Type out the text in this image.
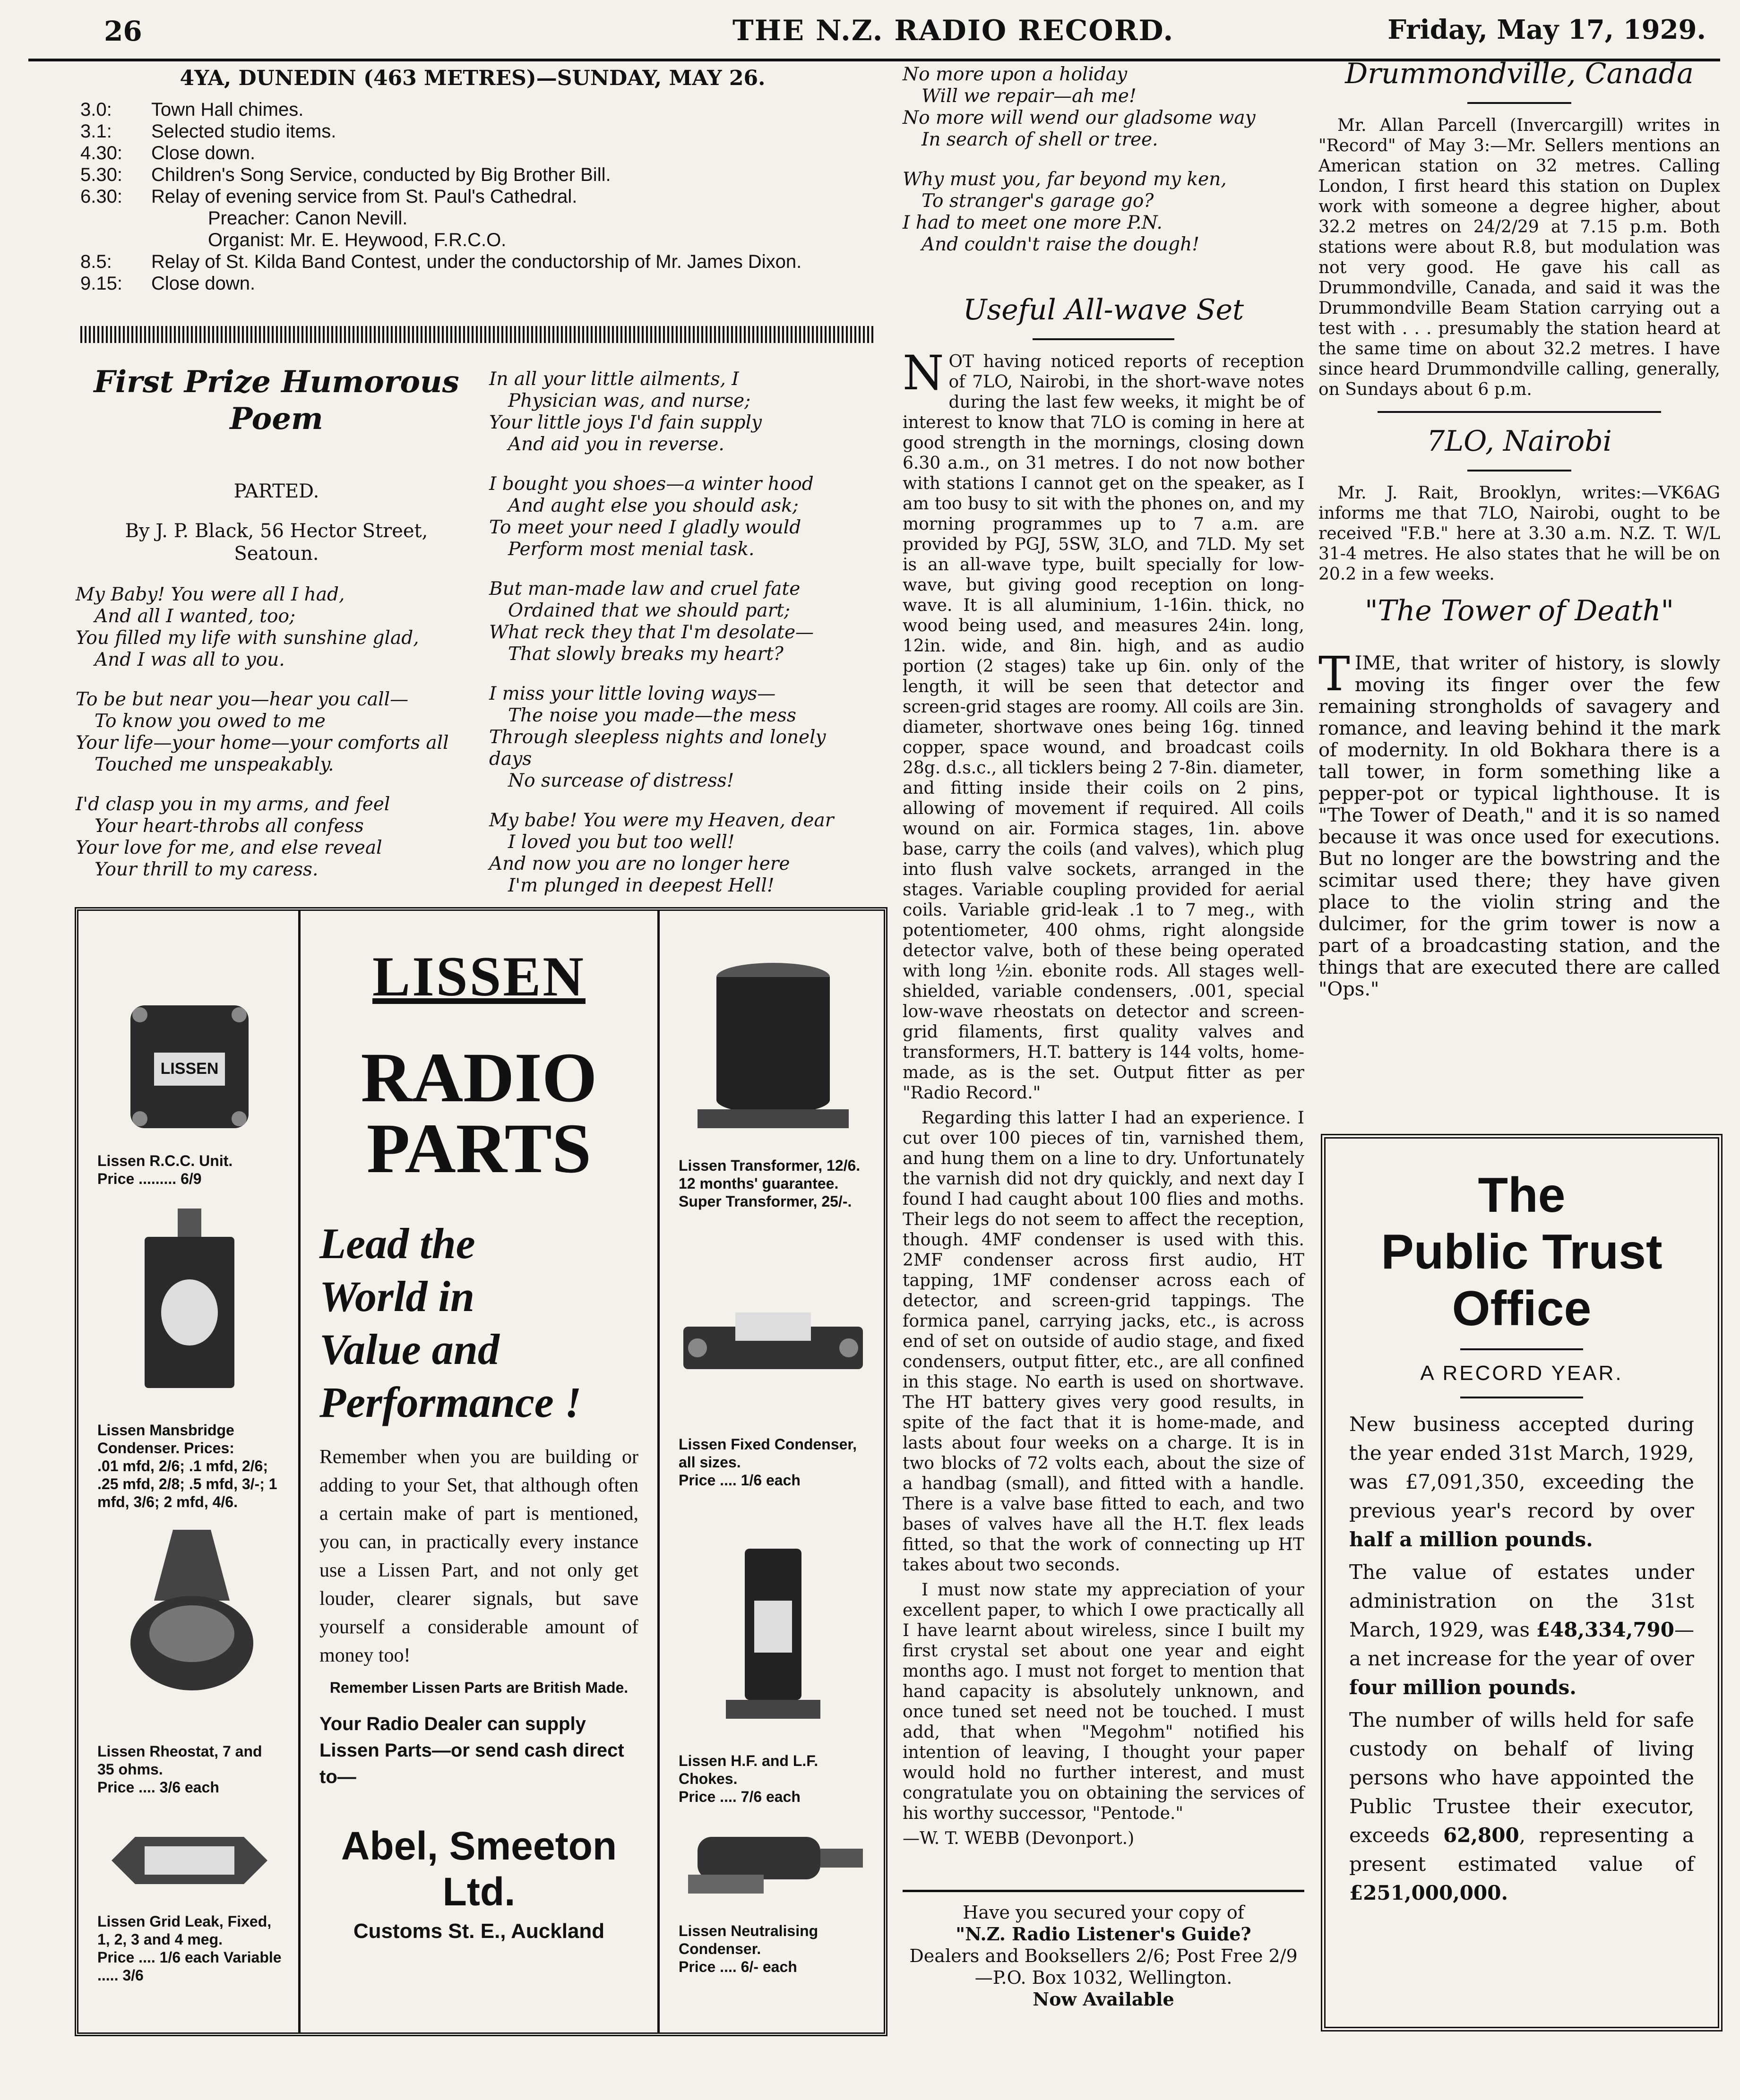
26	THE N.Z. RADIO RECORD.	Friday, May 17, 1929.
4YA, DUNEDIN (463 METRES)—SUNDAY, MAY 26.
3.0:	Town Hall chimes.
3.1:	Selected studio items.
4.30:	Close down.
5.30:	Children's Song Service, conducted by Big Brother Bill.
6.30:	Relay of evening service from St. Paul's Cathedral.
Preacher: Canon Nevill.
Organist: Mr. E. Heywood, F.R.C.O.
8.5:	Relay of St. Kilda Band Contest, under the conductorship of Mr. James Dixon.
9.15:	Close down.
First Prize Humorous
Poem
PARTED.
By J. P. Black, 56 Hector Street,
Seatoun.
My Baby! You were all I had,
And all I wanted, too;
You filled my life with sunshine glad,
And I was all to you.
To be but near you—hear you call—
To know you owed to me
Your life—your home—your comforts all
Touched me unspeakably.
I'd clasp you in my arms, and feel
Your heart-throbs all confess
Your love for me, and else reveal
Your thrill to my caress.
In all your little ailments, I
Physician was, and nurse;
Your little joys I'd fain supply
And aid you in reverse.
I bought you shoes—a winter hood
And aught else you should ask;
To meet your need I gladly would
Perform most menial task.
But man-made law and cruel fate
Ordained that we should part;
What reck they that I'm desolate—
That slowly breaks my heart?
I miss your little loving ways—
The noise you made—the mess
Through sleepless nights and lonely days
No surcease of distress!
My babe! You were my Heaven, dear
I loved you but too well!
And now you are no longer here
I'm plunged in deepest Hell!
LISSEN
Lissen R.C.C. Unit.
Price ......... 6/9
Lissen Mansbridge Condenser. Prices:
.01 mfd, 2/6; .1 mfd, 2/6; .25 mfd, 2/8; .5 mfd, 3/-; 1 mfd, 3/6; 2 mfd, 4/6.
Lissen Rheostat, 7 and 35 ohms.
Price .... 3/6 each
Lissen Grid Leak, Fixed, 1, 2, 3 and 4 meg.
Price .... 1/6 each Variable ..... 3/6
LISSEN
RADIO
PARTS
Lead the
World in
Value and
Performance !
Remember when you are building or adding to your Set, that although often a certain make of part is mentioned, you can, in practically every instance use a Lissen Part, and not only get louder, clearer signals, but save yourself a considerable amount of money too!
Remember Lissen Parts are British Made.
Your Radio Dealer can supply Lissen Parts—or send cash direct to—
Abel, Smeeton Ltd.
Customs St. E., Auckland
Lissen Transformer, 12/6. 12 months' guarantee.
Super Transformer, 25/-.
Lissen Fixed Condenser, all sizes.
Price .... 1/6 each
Lissen H.F. and L.F. Chokes.
Price .... 7/6 each
Lissen Neutralising Condenser.
Price .... 6/- each
No more upon a holiday
Will we repair—ah me!
No more will wend our gladsome way
In search of shell or tree.
Why must you, far beyond my ken,
To stranger's garage go?
I had to meet one more P.N.
And couldn't raise the dough!
Useful All-wave Set

NOT having noticed reports of reception of 7LO, Nairobi, in the short-wave notes during the last few weeks, it might be of interest to know that 7LO is coming in here at good strength in the mornings, closing down 6.30 a.m., on 31 metres. I do not now bother with stations I cannot get on the speaker, as I am too busy to sit with the phones on, and my morning programmes up to 7 a.m. are provided by PGJ, 5SW, 3LO, and 7LD. My set is an all-wave type, built specially for low-wave, but giving good reception on long-wave. It is all aluminium, 1-16in. thick, no wood being used, and measures 24in. long, 12in. wide, and 8in. high, and as audio portion (2 stages) take up 6in. only of the length, it will be seen that detector and screen-grid stages are roomy. All coils are 3in. diameter, shortwave ones being 16g. tinned copper, space wound, and broadcast coils 28g. d.s.c., all ticklers being 2 7-8in. diameter, and fitting inside their coils on 2 pins, allowing of movement if required. All coils wound on air. Formica stages, 1in. above base, carry the coils (and valves), which plug into flush valve sockets, arranged in the stages. Variable coupling provided for aerial coils. Variable grid-leak .1 to 7 meg., with potentiometer, 400 ohms, right alongside detector valve, both of these being operated with long ½in. ebonite rods. All stages well-shielded, variable condensers, .001, special low-wave rheostats on detector and screen-grid filaments, first quality valves and transformers, H.T. battery is 144 volts, home-made, as is the set. Output fitter as per "Radio Record."

Regarding this latter I had an experience. I cut over 100 pieces of tin, varnished them, and hung them on a line to dry. Unfortunately the varnish did not dry quickly, and next day I found I had caught about 100 flies and moths. Their legs do not seem to affect the reception, though. 4MF condenser is used with this. 2MF condenser across first audio, HT tapping, 1MF condenser across each of detector, and screen-grid tappings. The formica panel, carrying jacks, etc., is across end of set on outside of audio stage, and fixed condensers, output fitter, etc., are all confined in this stage. No earth is used on shortwave. The HT battery gives very good results, in spite of the fact that it is home-made, and lasts about four weeks on a charge. It is in two blocks of 72 volts each, about the size of a handbag (small), and fitted with a handle. There is a valve base fitted to each, and two bases of valves have all the H.T. flex leads fitted, so that the work of connecting up HT takes about two seconds.

I must now state my appreciation of your excellent paper, to which I owe practically all I have learnt about wireless, since I built my first crystal set about one year and eight months ago. I must not forget to mention that hand capacity is absolutely unknown, and once tuned set need not be touched. I must add, that when "Megohm" notified his intention of leaving, I thought your paper would hold no further interest, and must congratulate you on obtaining the services of his worthy successor, "Pentode."

—W. T. WEBB (Devonport.)
Have you secured your copy of
"N.Z. Radio Listener's Guide?
Dealers and Booksellers 2/6; Post Free 2/9—P.O. Box 1032, Wellington.
Now Available
Drummondville, Canada

Mr. Allan Parcell (Invercargill) writes in "Record" of May 3:—Mr. Sellers mentions an American station on 32 metres. Calling London, I first heard this station on Duplex work with someone a degree higher, about 32.2 metres on 24/2/29 at 7.15 p.m. Both stations were about R.8, but modulation was not very good. He gave his call as Drummondville, Canada, and said it was the Drummondville Beam Station carrying out a test with . . . presumably the station heard at the same time on about 32.2 metres. I have since heard Drummondville calling, generally, on Sundays about 6 p.m.

7LO, Nairobi

Mr. J. Rait, Brooklyn, writes:—VK6AG informs me that 7LO, Nairobi, ought to be received "F.B." here at 3.30 a.m. N.Z. T. W/L 31-4 metres. He also states that he will be on 20.2 in a few weeks.

"The Tower of Death"

TIME, that writer of history, is slowly moving its finger over the few remaining strongholds of savagery and romance, and leaving behind it the mark of modernity. In old Bokhara there is a tall tower, in form something like a pepper-pot or typical lighthouse. It is "The Tower of Death," and it is so named because it was once used for executions. But no longer are the bowstring and the scimitar used there; they have given place to the violin string and the dulcimer, for the grim tower is now a part of a broadcasting station, and the things that are executed there are called "Ops."

The
Public Trust
Office
A RECORD YEAR.

New business accepted during the year ended 31st March, 1929, was £7,091,350, exceeding the previous year's record by over half a million pounds.

The value of estates under administration on the 31st March, 1929, was £48,334,790—a net increase for the year of over four million pounds.

The number of wills held for safe custody on behalf of living persons who have appointed the Public Trustee their executor, exceeds 62,800, representing a present estimated value of £251,000,000.
